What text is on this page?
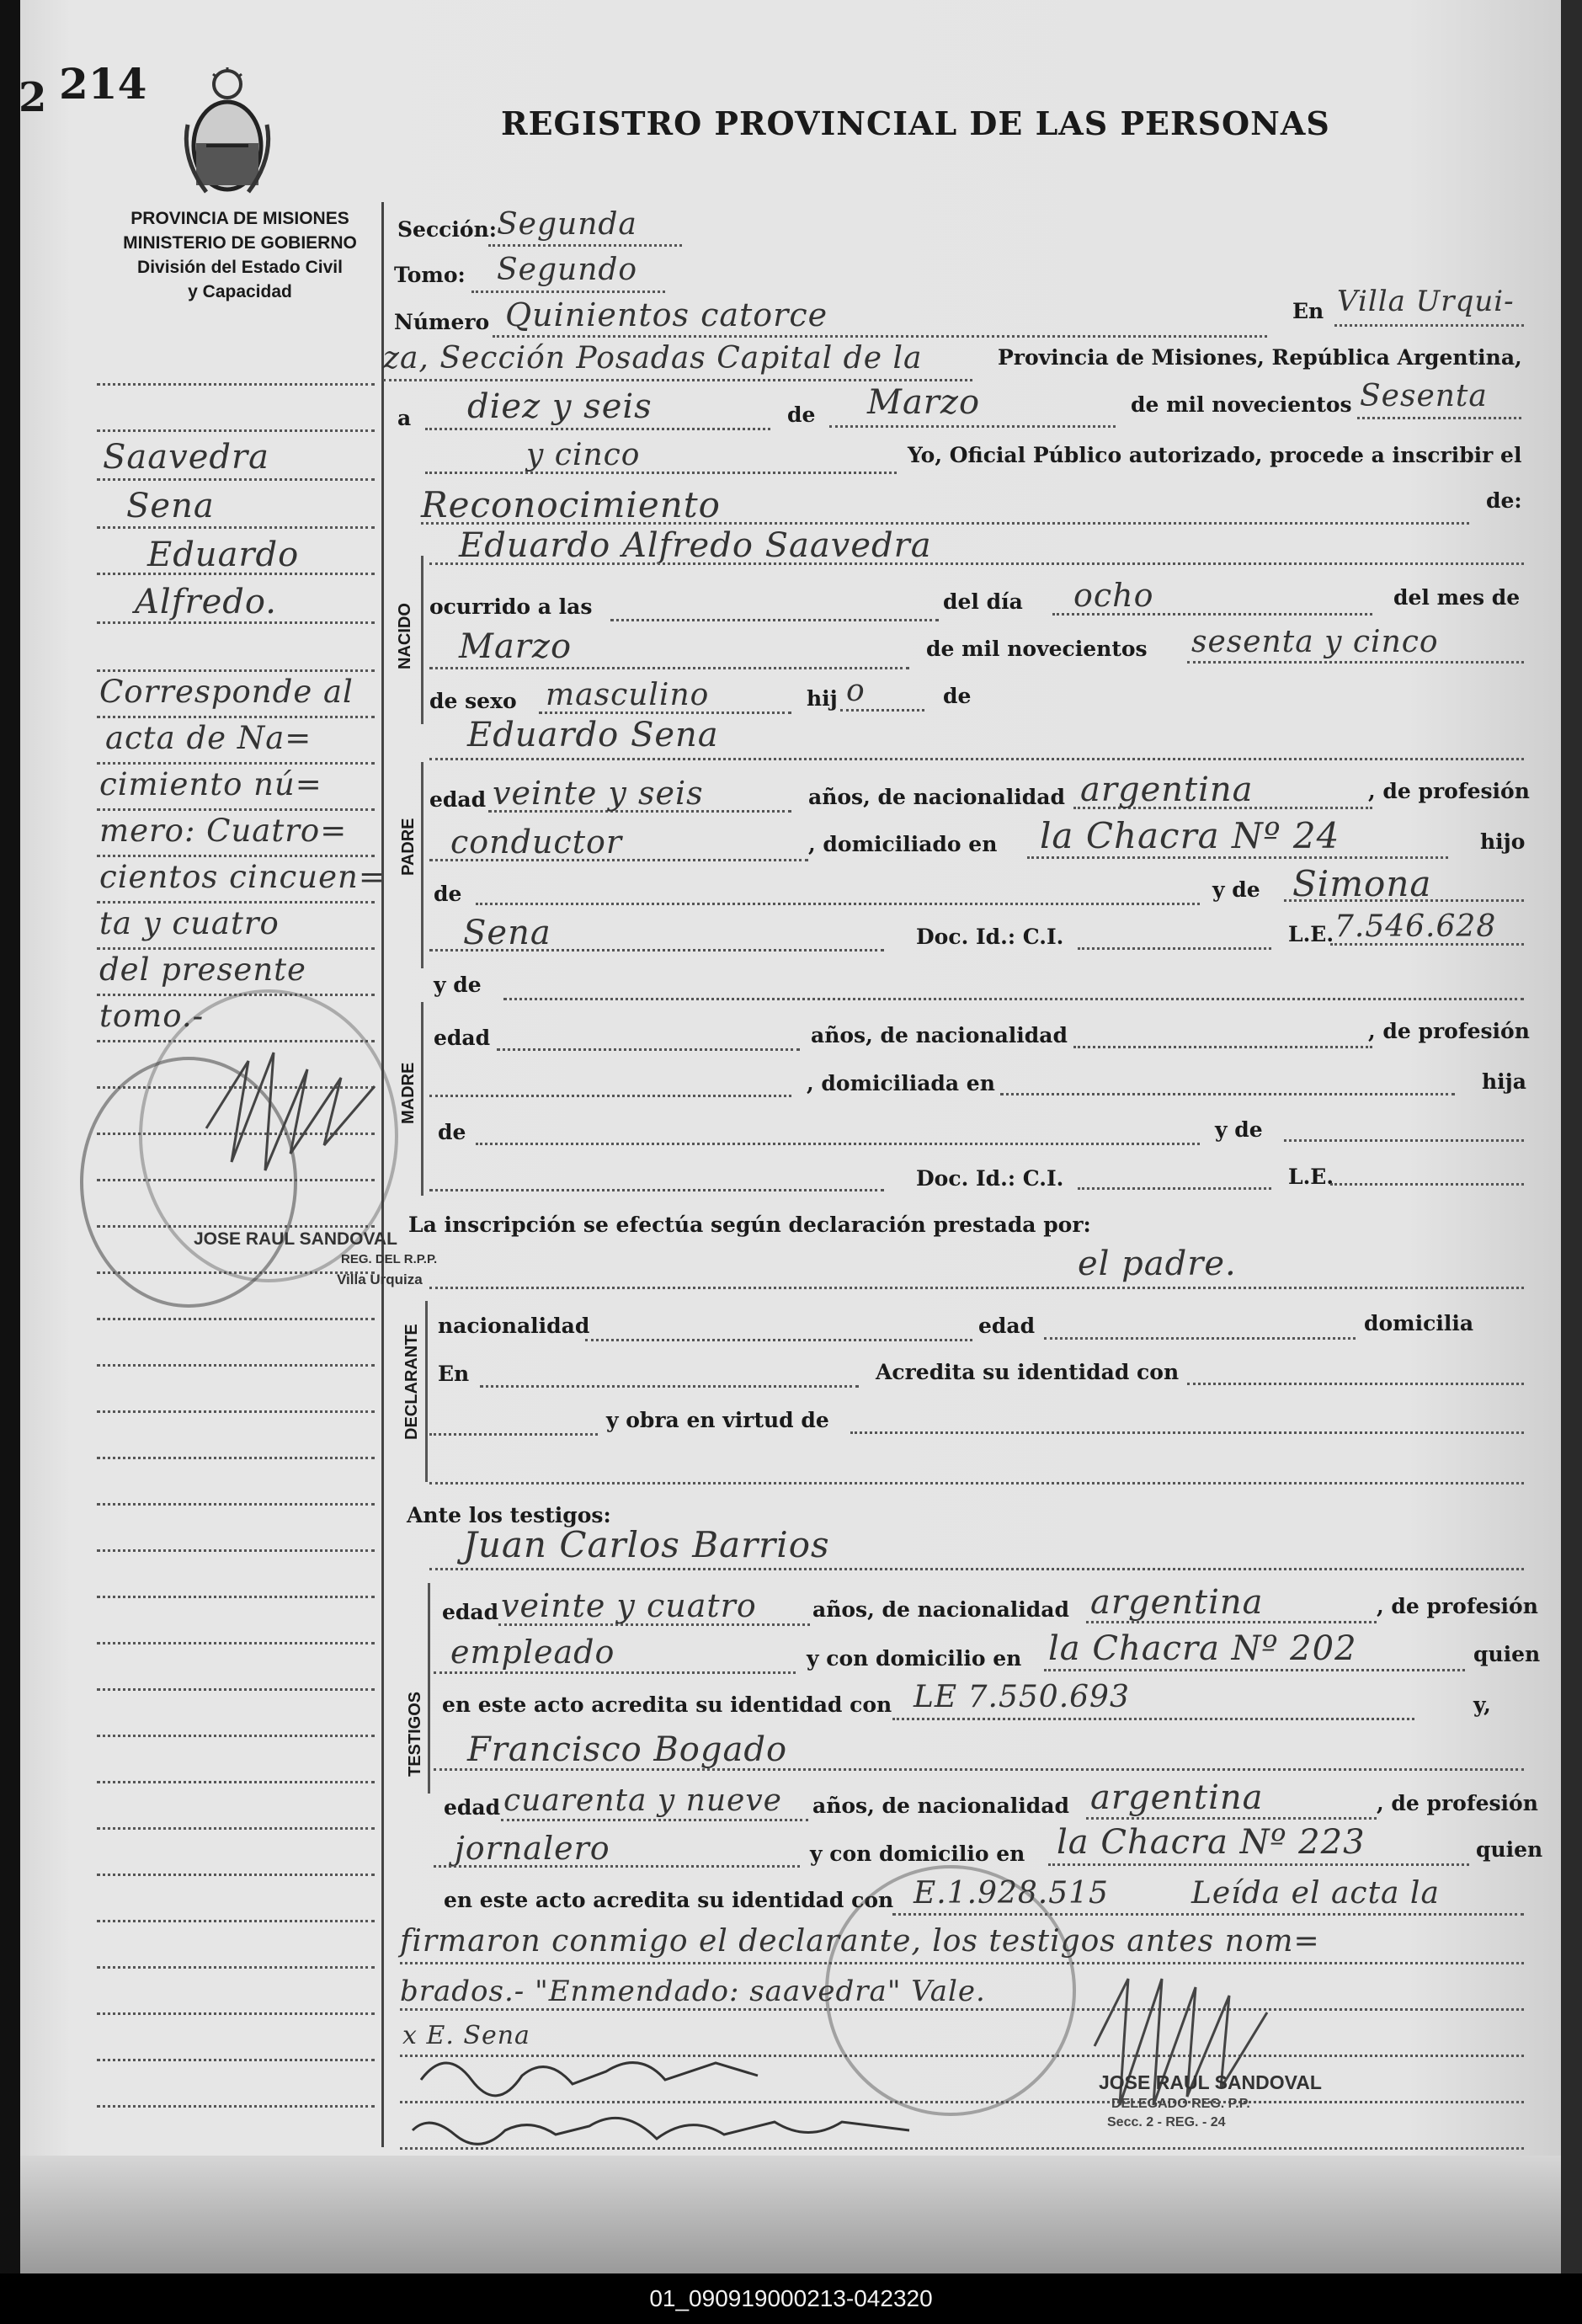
2 214
REGISTRO PROVINCIAL DE LAS PERSONAS
PROVINCIA DE MISIONES
MINISTERIO DE GOBIERNO
División del Estado Civil
y Capacidad
Saavedra
Sena
Eduardo
Alfredo.
Corresponde al
acta de Na=
cimiento nú=
mero: Cuatro=
cientos cincuen=
ta y cuatro
del presente
tomo.-
JOSE RAUL SANDOVAL
REG. DEL R.P.P.
Villa Urquiza
Sección: Segunda
Tomo: Segundo
Número Quinientos catorce	En Villa Urqui-
za, Sección Posadas Capital de la	Provincia de Misiones, República Argentina,
a diez y seis	de Marzo	de mil novecientos Sesenta
y cinco	Yo, Oficial Público autorizado, procede a inscribir el
Reconocimiento	de:
NACIDO
Eduardo Alfredo Saavedra
ocurrido a las	del día ocho	del mes de
Marzo	de mil novecientos sesenta y cinco
de sexo masculino	hij o	de
PADRE
Eduardo Sena
edad veinte y seis	años, de nacionalidad argentina	, de profesión
conductor	, domiciliado en la Chacra Nº 24	hijo
de	y de Simona
Sena	Doc. Id.: C.I.	L.E. 7.546.628
MADRE
y de
edad	años, de nacionalidad	, de profesión
, domiciliada en	hija
de	y de
Doc. Id.: C.I.	L.E.
La inscripción se efectúa según declaración prestada por:
el padre.
DECLARANTE nacionalidad	edad	domicilia
En	Acredita su identidad con
y obra en virtud de
Ante los testigos:
Juan Carlos Barrios
TESTIGOS
edad veinte y cuatro	años, de nacionalidad argentina	, de profesión
empleado	y con domicilio en la Chacra Nº 202	quien
en este acto acredita su identidad con LE 7.550.693	y,
Francisco Bogado
edad cuarenta y nueve años, de nacionalidad argentina	, de profesión
jornalero	y con domicilio en la Chacra Nº 223	quien
en este acto acredita su identidad con E.1.928.515	Leída el acta la
firmaron conmigo el declarante, los testigos antes nom=
brados.- "Enmendado: saavedra" Vale.
x E. Sena
JOSE RAUL SANDOVAL
DELEGADO REG. P.P.
Secc. 2 - REG. - 24
01_090919000213-042320
